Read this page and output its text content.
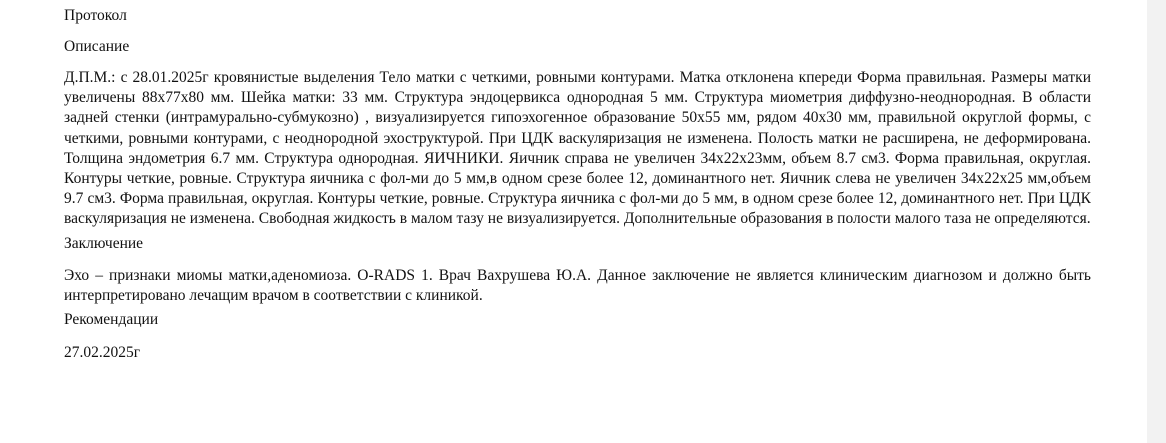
Протокол

Описание

Д.П.М.: с 28.01.2025г кровянистые выделения Тело матки с четкими, ровными контурами. Матка отклонена кпереди Форма правильная. Размеры матки увеличены 88x77x80 мм. Шейка матки: 33 мм. Структура эндоцервикса однородная 5 мм. Структура миометрия диффузно-неоднородная. В области задней стенки (интрамурально-субмукозно) , визуализируется гипоэхогенное образование 50x55 мм, рядом 40x30 мм, правильной округлой формы, с четкими, ровными контурами, с неоднородной эхоструктурой. При ЦДК васкуляризация не изменена. Полость матки не расширена, не деформирована. Толщина эндометрия 6.7 мм. Структура однородная. ЯИЧНИКИ. Яичник справа не увеличен 34x22x23мм, объем 8.7 см3. Форма правильная, округлая. Контуры четкие, ровные. Структура яичника с фол-ми до 5 мм,в одном срезе более 12, доминантного нет. Яичник слева не увеличен 34x22x25 мм,объем 9.7 см3. Форма правильная, округлая. Контуры четкие, ровные. Структура яичника с фол-ми до 5 мм, в одном срезе более 12, доминантного нет. При ЦДК васкуляризация не изменена. Свободная жидкость в малом тазу не визуализируется. Дополнительные образования в полости малого таза не определяются.

Заключение

Эхо – признаки миомы матки,аденомиоза. O-RADS 1. Врач Вахрушева Ю.А. Данное заключение не является клиническим диагнозом и должно быть интерпретировано лечащим врачом в соответствии с клиникой.

Рекомендации

27.02.2025г
